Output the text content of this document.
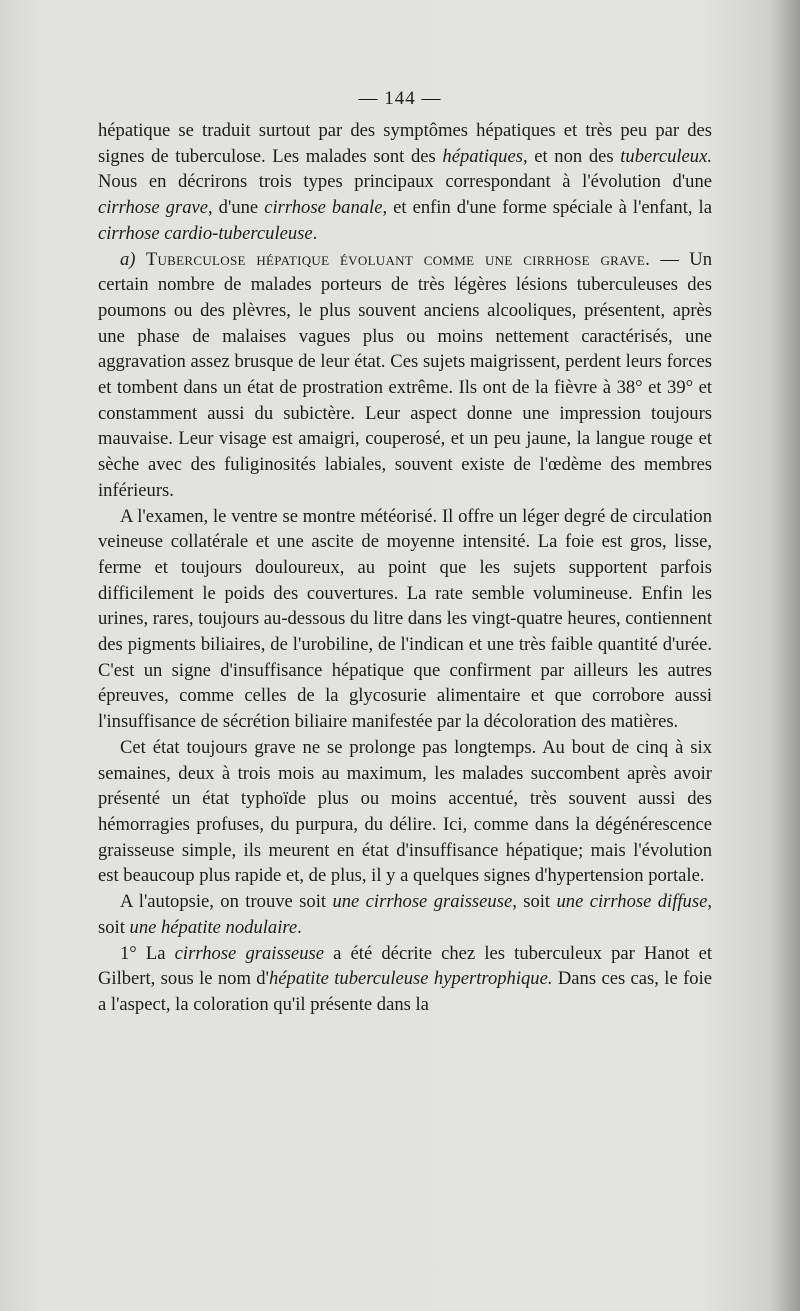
— 144 —

hépatique se traduit surtout par des symptômes hépatiques et très peu par des signes de tuberculose. Les malades sont des hépatiques, et non des tuberculeux. Nous en décrirons trois types principaux correspondant à l'évolution d'une cirrhose grave, d'une cirrhose banale, et enfin d'une forme spéciale à l'enfant, la cirrhose cardio-tuberculeuse.

a) Tuberculose hépatique évoluant comme une cirrhose grave. — Un certain nombre de malades porteurs de très légères lésions tuberculeuses des poumons ou des plèvres, le plus souvent anciens alcooliques, présentent, après une phase de malaises vagues plus ou moins nettement caractérisés, une aggravation assez brusque de leur état. Ces sujets maigrissent, perdent leurs forces et tombent dans un état de prostration extrême. Ils ont de la fièvre à 38° et 39° et constamment aussi du subictère. Leur aspect donne une impression toujours mauvaise. Leur visage est amaigri, couperosé, et un peu jaune, la langue rouge et sèche avec des fuliginosités labiales, souvent existe de l'œdème des membres inférieurs.

A l'examen, le ventre se montre météorisé. Il offre un léger degré de circulation veineuse collatérale et une ascite de moyenne intensité. La foie est gros, lisse, ferme et toujours douloureux, au point que les sujets supportent parfois difficilement le poids des couvertures. La rate semble volumineuse. Enfin les urines, rares, toujours au-dessous du litre dans les vingt-quatre heures, contiennent des pigments biliaires, de l'urobiline, de l'indican et une très faible quantité d'urée. C'est un signe d'insuffisance hépatique que confirment par ailleurs les autres épreuves, comme celles de la glycosurie alimentaire et que corrobore aussi l'insuffisance de sécrétion biliaire manifestée par la décoloration des matières.

Cet état toujours grave ne se prolonge pas longtemps. Au bout de cinq à six semaines, deux à trois mois au maximum, les malades succombent après avoir présenté un état typhoïde plus ou moins accentué, très souvent aussi des hémorragies profuses, du purpura, du délire. Ici, comme dans la dégénérescence graisseuse simple, ils meurent en état d'insuffisance hépatique; mais l'évolution est beaucoup plus rapide et, de plus, il y a quelques signes d'hypertension portale.

A l'autopsie, on trouve soit une cirrhose graisseuse, soit une cirrhose diffuse, soit une hépatite nodulaire.

1° La cirrhose graisseuse a été décrite chez les tuberculeux par Hanot et Gilbert, sous le nom d'hépatite tuberculeuse hypertrophique. Dans ces cas, le foie a l'aspect, la coloration qu'il présente dans la
